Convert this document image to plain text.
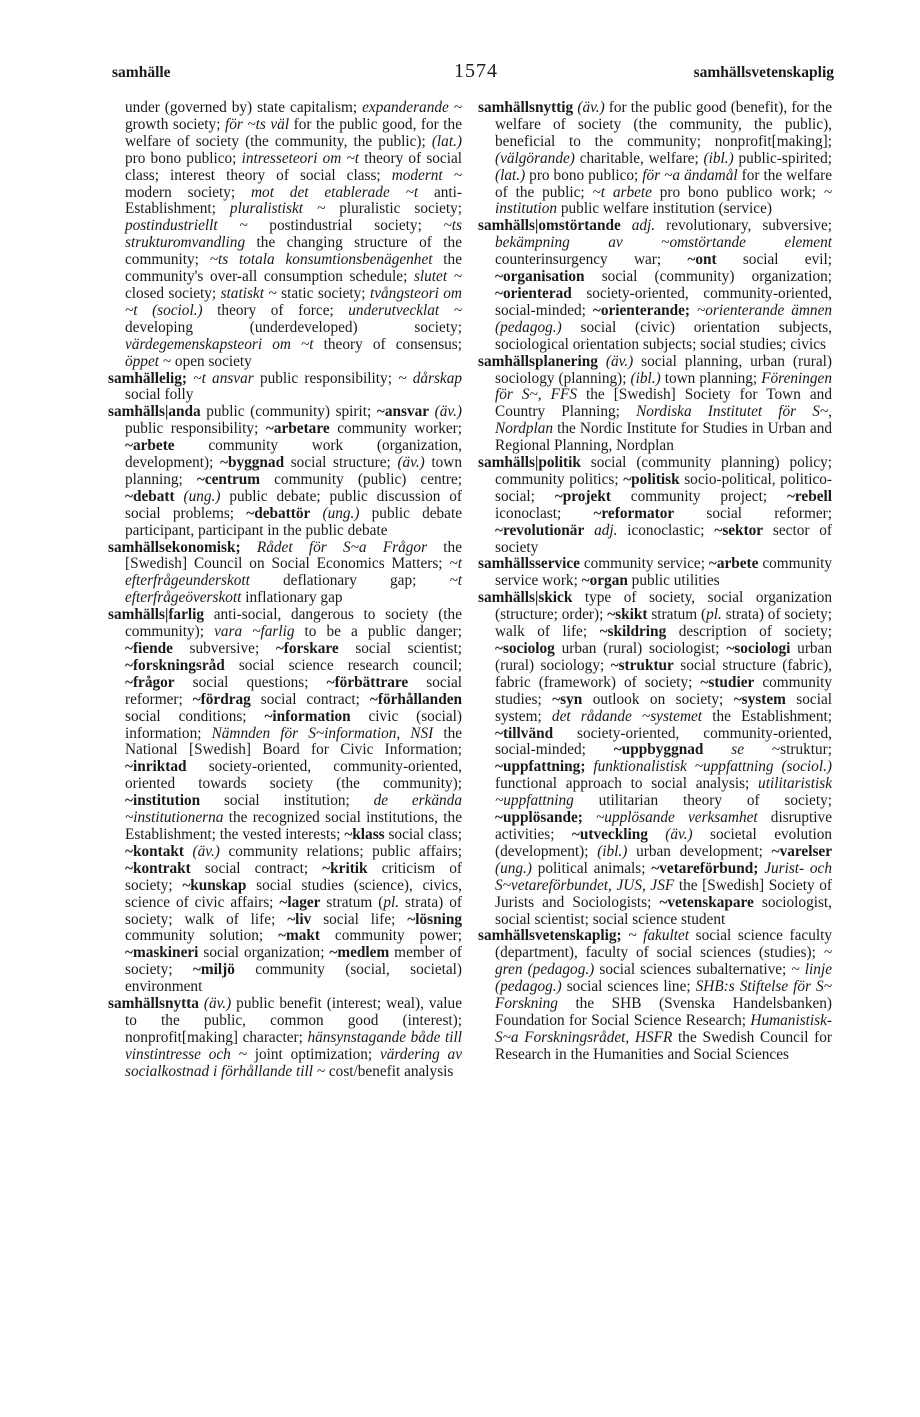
samhälle	1574	samhällsvetenskaplig

under (governed by) state capitalism; expanderande ~ growth society; för ~ts väl for the public good, for the welfare of society (the community, the public); (lat.) pro bono publico; intresseteori om ~t theory of social class; interest theory of social class; modernt ~ modern society; mot det etablerade ~t anti-Establishment; pluralistiskt ~ pluralistic society; postindustriellt ~ postindustrial society; ~ts strukturomvandling the changing structure of the community; ~ts totala konsumtionsbenägenhet the community's over-all consumption schedule; slutet ~ closed society; statiskt ~ static society; tvångsteori om ~t (sociol.) theory of force; underutvecklat ~ developing (underdeveloped) society; värdegemenskapsteori om ~t theory of consensus; öppet ~ open society

samhällelig; ~t ansvar public responsibility; ~ dårskap social folly

samhälls|anda public (community) spirit; ~ansvar (äv.) public responsibility; ~arbetare community worker; ~arbete community work (organization, development); ~byggnad social structure; (äv.) town planning; ~centrum community (public) centre; ~debatt (ung.) public debate; public discussion of social problems; ~debattör (ung.) public debate participant, participant in the public debate

samhällsekonomisk; Rådet för S~a Frågor the [Swedish] Council on Social Economics Matters; ~t efterfrågeunderskott deflationary gap; ~t efterfrågeöverskott inflationary gap

samhälls|farlig anti-social, dangerous to society (the community); vara ~farlig to be a public danger; ~fiende subversive; ~forskare social scientist; ~forskningsråd social science research council; ~frågor social questions; ~förbättrare social reformer; ~fördrag social contract; ~förhållanden social conditions; ~information civic (social) information; Nämnden för S~information, NSI the National [Swedish] Board for Civic Information; ~inriktad society-oriented, community-oriented, oriented towards society (the community); ~institution social institution; de erkända ~institutionerna the recognized social institutions, the Establishment; the vested interests; ~klass social class; ~kontakt (äv.) community relations; public affairs; ~kontrakt social contract; ~kritik criticism of society; ~kunskap social studies (science), civics, science of civic affairs; ~lager stratum (pl. strata) of society; walk of life; ~liv social life; ~lösning community solution; ~makt community power; ~maskineri social organization; ~medlem member of society; ~miljö community (social, societal) environment

samhällsnytta (äv.) public benefit (interest; weal), value to the public, common good (interest); nonprofit[making] character; hänsynstagande både till vinstintresse och ~ joint optimization; värdering av socialkostnad i förhållande till ~ cost/benefit analysis

samhällsnyttig (äv.) for the public good (benefit), for the welfare of society (the community, the public), beneficial to the community; nonprofit[making]; (välgörande) charitable, welfare; (ibl.) public-spirited; (lat.) pro bono publico; för ~a ändamål for the welfare of the public; ~t arbete pro bono publico work; ~ institution public welfare institution (service)

samhälls|omstörtande adj. revolutionary, subversive; bekämpning av ~omstörtande element counterinsurgency war; ~ont social evil; ~organisation social (community) organization; ~orienterad society-oriented, community-oriented, social-minded; ~orienterande; ~orienterande ämnen (pedagog.) social (civic) orientation subjects, sociological orientation subjects; social studies; civics

samhällsplanering (äv.) social planning, urban (rural) sociology (planning); (ibl.) town planning; Föreningen för S~, FFS the [Swedish] Society for Town and Country Planning; Nordiska Institutet för S~, Nordplan the Nordic Institute for Studies in Urban and Regional Planning, Nordplan

samhälls|politik social (community planning) policy; community politics; ~politisk socio-political, politico-social; ~projekt community project; ~rebell iconoclast; ~reformator social reformer; ~revolutionär adj. iconoclastic; ~sektor sector of society

samhällsservice community service; ~arbete community service work; ~organ public utilities

samhälls|skick type of society, social organization (structure; order); ~skikt stratum (pl. strata) of society; walk of life; ~skildring description of society; ~sociolog urban (rural) sociologist; ~sociologi urban (rural) sociology; ~struktur social structure (fabric), fabric (framework) of society; ~studier community studies; ~syn outlook on society; ~system social system; det rådande ~systemet the Establishment; ~tillvänd society-oriented, community-oriented, social-minded; ~uppbyggnad se ~struktur; ~uppfattning; funktionalistisk ~uppfattning (sociol.) functional approach to social analysis; utilitaristisk ~uppfattning utilitarian theory of society; ~upplösande; ~upplösande verksamhet disruptive activities; ~utveckling (äv.) societal evolution (development); (ibl.) urban development; ~varelser (ung.) political animals; ~vetareförbund; Jurist- och S~vetareförbundet, JUS, JSF the [Swedish] Society of Jurists and Sociologists; ~vetenskapare sociologist, social scientist; social science student

samhällsvetenskaplig; ~ fakultet social science faculty (department), faculty of social sciences (studies); ~ gren (pedagog.) social sciences subalternative; ~ linje (pedagog.) social sciences line; SHB:s Stiftelse för S~ Forskning the SHB (Svenska Handelsbanken) Foundation for Social Science Research; Humanistisk-S~a Forskningsrådet, HSFR the Swedish Council for Research in the Humanities and Social Sciences
